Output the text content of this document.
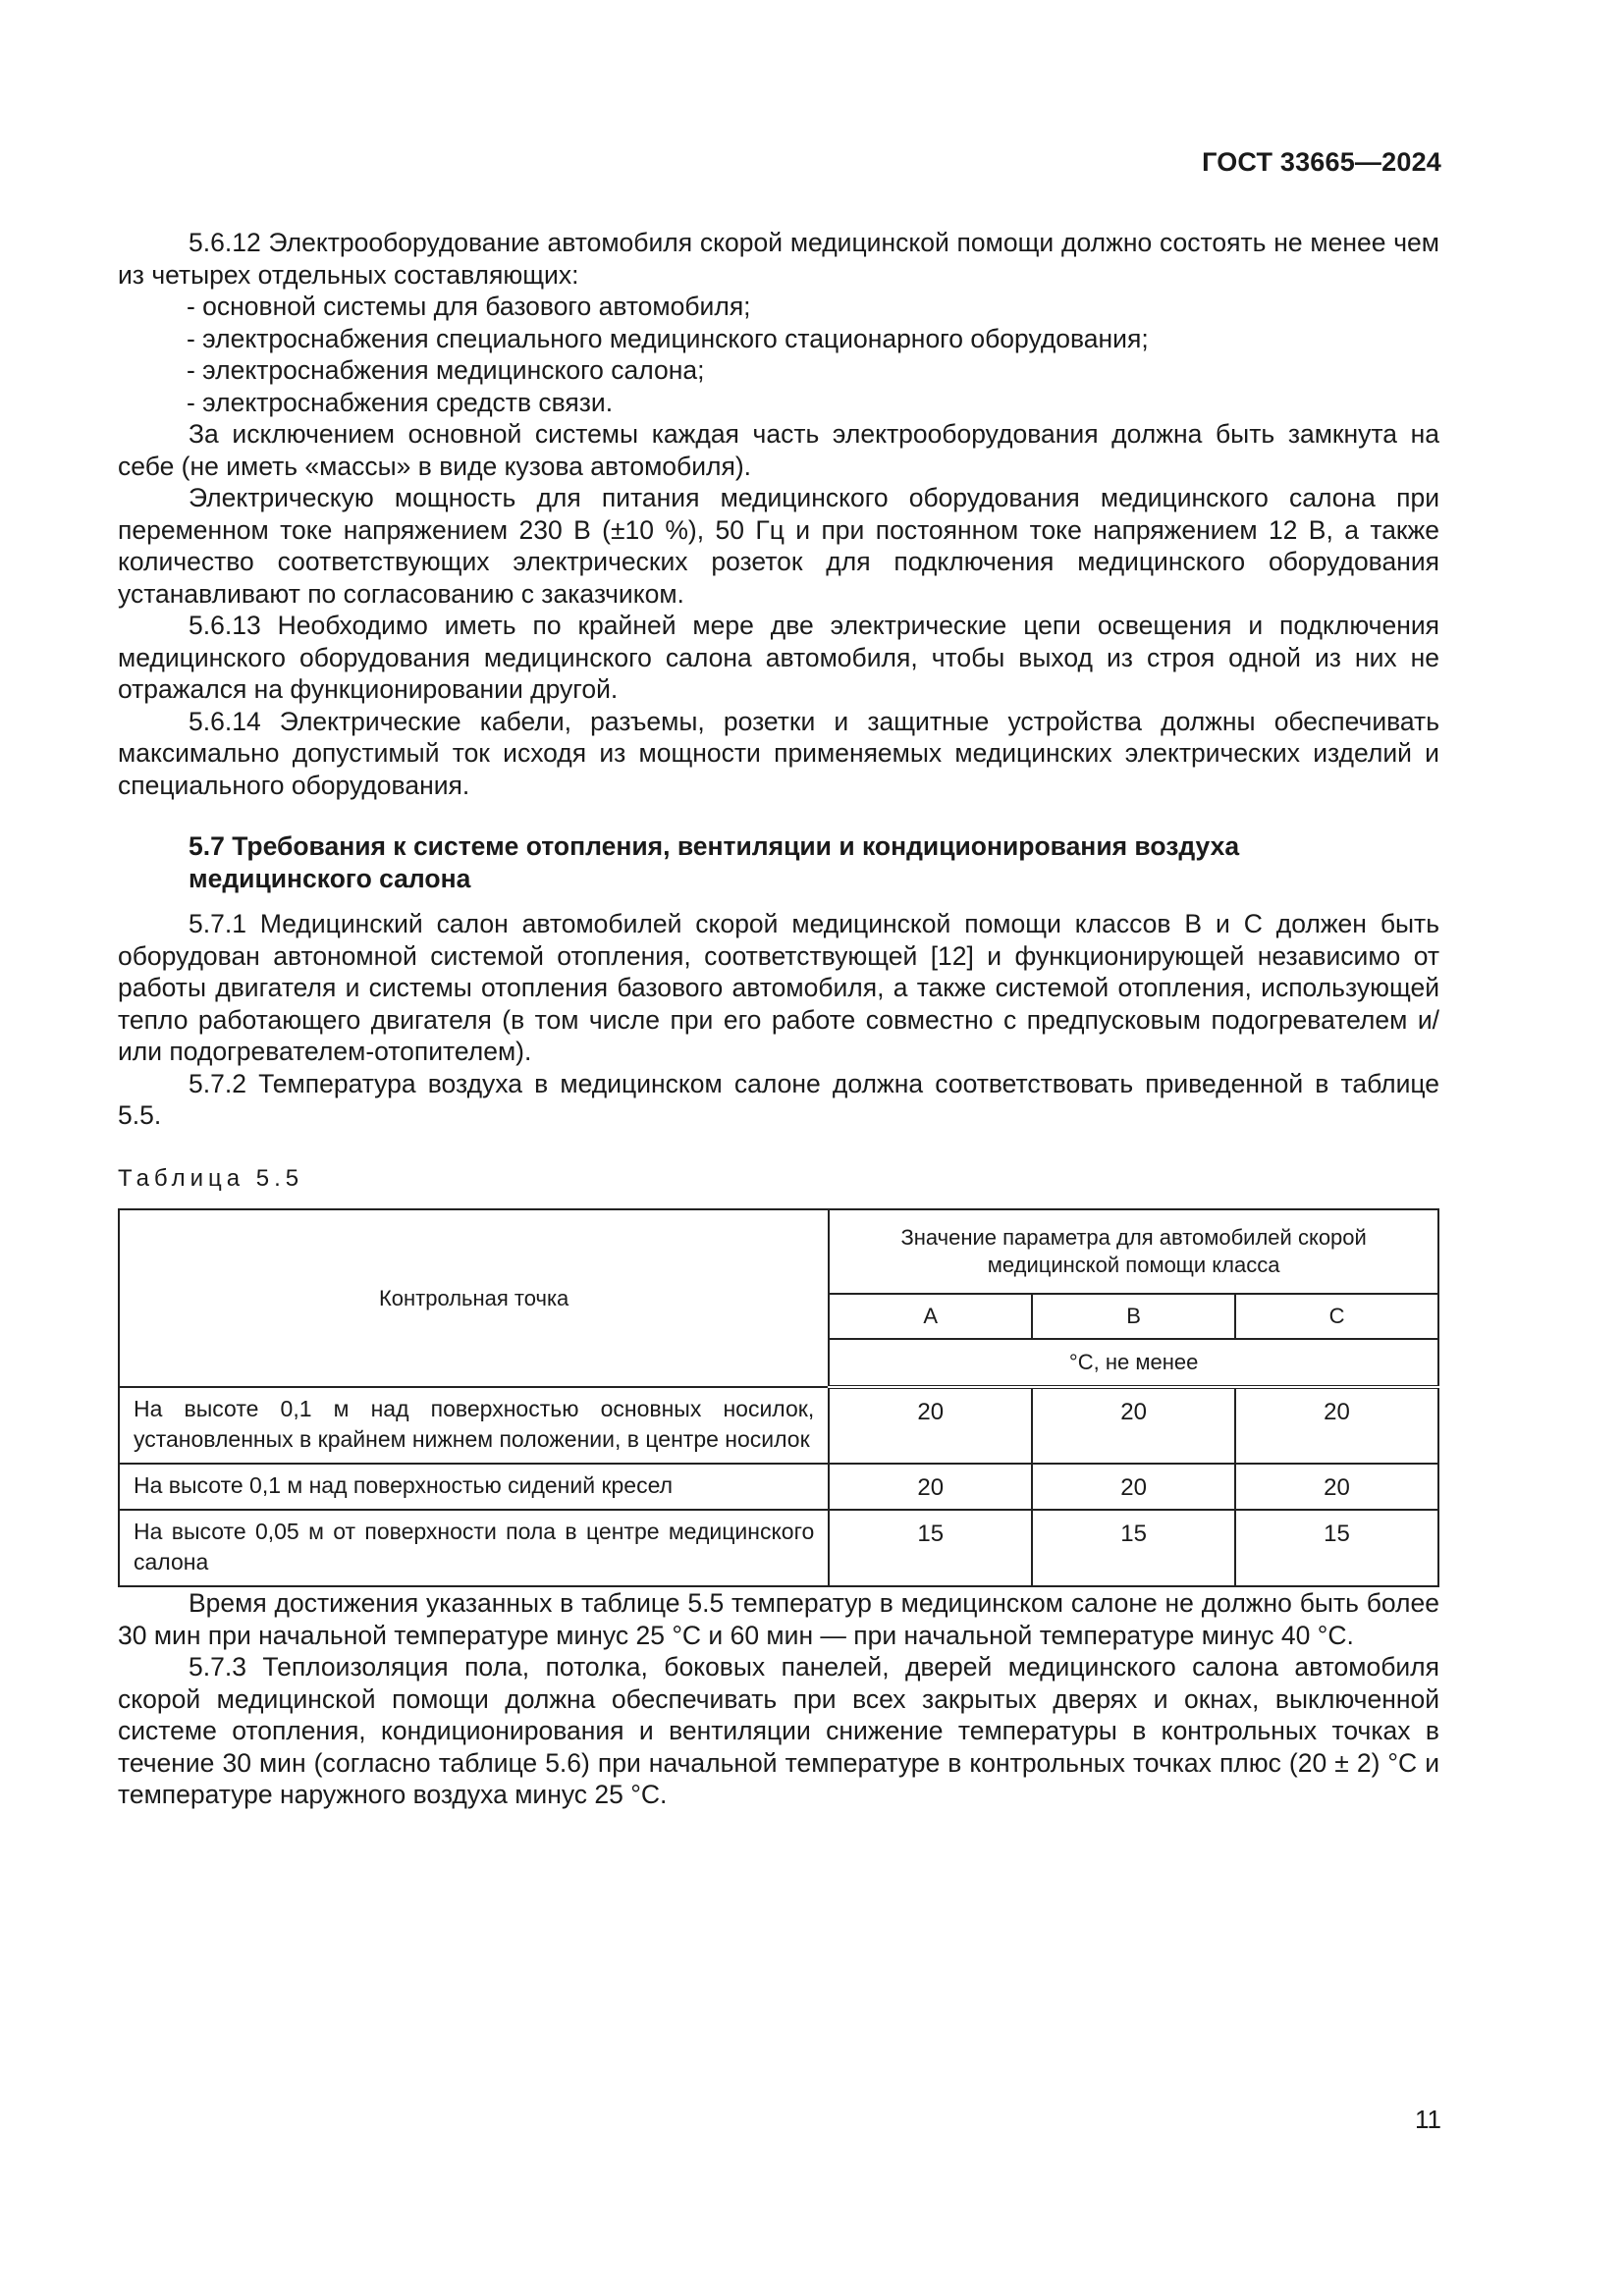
ГОСТ 33665—2024

5.6.12 Электрооборудование автомобиля скорой медицинской помощи должно состоять не менее чем из четырех отдельных составляющих:

- основной системы для базового автомобиля;

- электроснабжения специального медицинского стационарного оборудования;

- электроснабжения медицинского салона;

- электроснабжения средств связи.

За исключением основной системы каждая часть электрооборудования должна быть замкнута на себе (не иметь «массы» в виде кузова автомобиля).

Электрическую мощность для питания медицинского оборудования медицинского салона при переменном токе напряжением 230 В (±10 %), 50 Гц и при постоянном токе напряжением 12 В, а также количество соответствующих электрических розеток для подключения медицинского оборудования устанавливают по согласованию с заказчиком.

5.6.13 Необходимо иметь по крайней мере две электрические цепи освещения и подключения медицинского оборудования медицинского салона автомобиля, чтобы выход из строя одной из них не отражался на функционировании другой.

5.6.14 Электрические кабели, разъемы, розетки и защитные устройства должны обеспечивать максимально допустимый ток исходя из мощности применяемых медицинских электрических изделий и специального оборудования.

5.7 Требования к системе отопления, вентиляции и кондиционирования воздуха
медицинского салона

5.7.1 Медицинский салон автомобилей скорой медицинской помощи классов В и С должен быть оборудован автономной системой отопления, соответствующей [12] и функционирующей независимо от работы двигателя и системы отопления базового автомобиля, а также системой отопления, использующей тепло работающего двигателя (в том числе при его работе совместно с предпусковым подогревателем и/или подогревателем-отопителем).

5.7.2 Температура воздуха в медицинском салоне должна соответствовать приведенной в таблице 5.5.

Таблица 5.5
Контрольная точка	Значение параметра для автомобилей скорой медицинской помощи класса		
	А	В	С
	°С, не менее		
На высоте 0,1 м над поверхностью основных носилок, установленных в крайнем нижнем положении, в центре носилок	20	20	20
На высоте 0,1 м над поверхностью сидений кресел	20	20	20
На высоте 0,05 м от поверхности пола в центре медицинского салона	15	15	15

Время достижения указанных в таблице 5.5 температур в медицинском салоне не должно быть более 30 мин при начальной температуре минус 25 °С и 60 мин — при начальной температуре минус 40 °С.

5.7.3 Теплоизоляция пола, потолка, боковых панелей, дверей медицинского салона автомобиля скорой медицинской помощи должна обеспечивать при всех закрытых дверях и окнах, выключенной системе отопления, кондиционирования и вентиляции снижение температуры в контрольных точках в течение 30 мин (согласно таблице 5.6) при начальной температуре в контрольных точках плюс (20 ± 2) °С и температуре наружного воздуха минус 25 °С.

11
